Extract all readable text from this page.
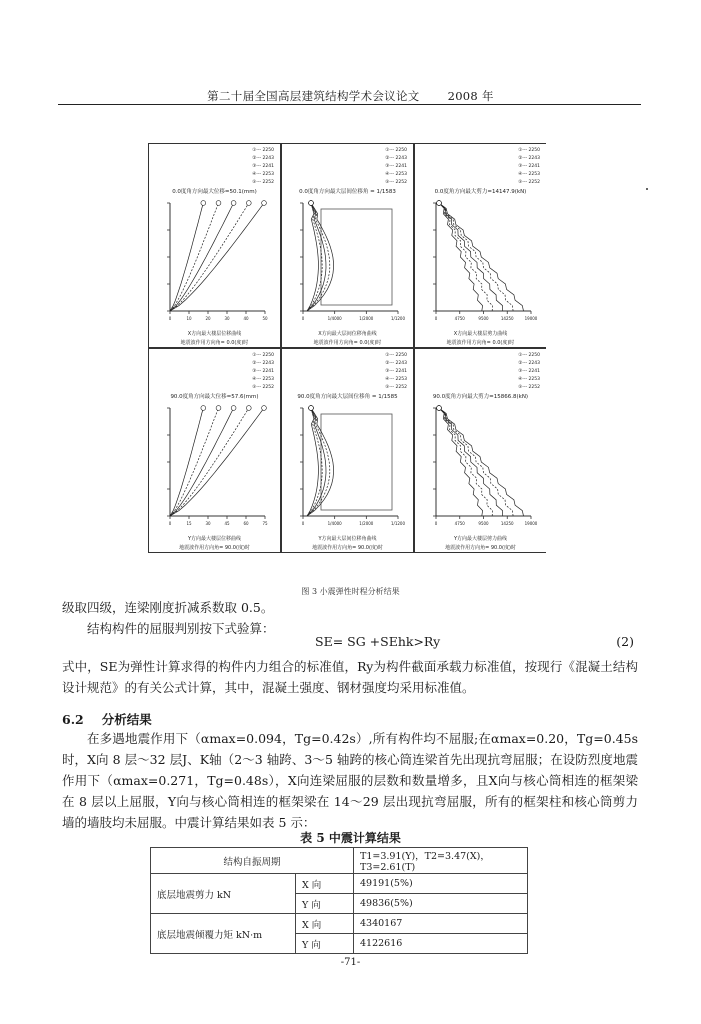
第二十届全国高层建筑结构学术会议论文 2008 年
①--- 2250
②--- 2243
③--- 2241
④--- 2253
⑤--- 2252
0.0度角方向最大位移=50.1(mm)
0	10	20	30	40	50
X方向最大楼层位移曲线
地震波作用方向角= 0.0(度)时
①--- 2250
②--- 2243
③--- 2241
④--- 2253
⑤--- 2252
0.0度角方向最大层间位移角 = 1/1583
0	1/4000	1/2000	1/1200
X方向最大层间位移角曲线
地震波作用方向角= 0.0(度)时
①--- 2250
②--- 2243
③--- 2241
④--- 2253
⑤--- 2252
0.0度角方向最大剪力=14147.9(kN)
0	4750	9500	14250	19000
X方向最大楼层剪力曲线
地震波作用方向角= 0.0(度)时
①--- 2250
②--- 2243
③--- 2241
④--- 2253
⑤--- 2252
90.0度角方向最大位移=57.6(mm)
0	15	30	45	60	75
Y方向最大楼层位移曲线
地震波作用方向角= 90.0(度)时
①--- 2250
②--- 2243
③--- 2241
④--- 2253
⑤--- 2252
90.0度角方向最大层间位移角 = 1/1585
0	1/4000	1/2000	1/1200
Y方向最大层间位移角曲线
地震波作用方向角= 90.0(度)时
①--- 2250
②--- 2243
③--- 2241
④--- 2253
⑤--- 2252
90.0度角方向最大剪力=15866.8(kN)
0	4750	9500	14250	19000
Y方向最大楼层剪力曲线
地震波作用方向角= 90.0(度)时
图 3 小震弹性时程分析结果
级取四级，连梁刚度折减系数取 0.5。
结构构件的屈服判别按下式验算：
SE= SG +SEhk>Ry	(2)
式中，SE为弹性计算求得的构件内力组合的标准值，Ry为构件截面承载力标准值，按现行《混凝土结构设计规范》的有关公式计算，其中，混凝土强度、钢材强度均采用标准值。
6.2 分析结果
在多遇地震作用下（αmax=0.094，Tg=0.42s）,所有构件均不屈服;在αmax=0.20，Tg=0.45s时，X向 8 层～32 层J、K轴（2～3 轴跨、3～5 轴跨的核心筒连梁首先出现抗弯屈服；在设防烈度地震作用下（αmax=0.271，Tg=0.48s），X向连梁屈服的层数和数量增多，且X向与核心筒相连的框架梁在 8 层以上屈服，Y向与核心筒相连的框架梁在 14～29 层出现抗弯屈服，所有的框架柱和核心筒剪力墙的墙肢均未屈服。中震计算结果如表 5 示：
表 5 中震计算结果
结构自振周期		T1=3.91(Y)，T2=3.47(X)，T3=2.61(T)
底层地震剪力 kN	X 向	49191(5%)
	Y 向	49836(5%)
底层地震倾覆力矩 kN·m	X 向	4340167
	Y 向	4122616
-71-
